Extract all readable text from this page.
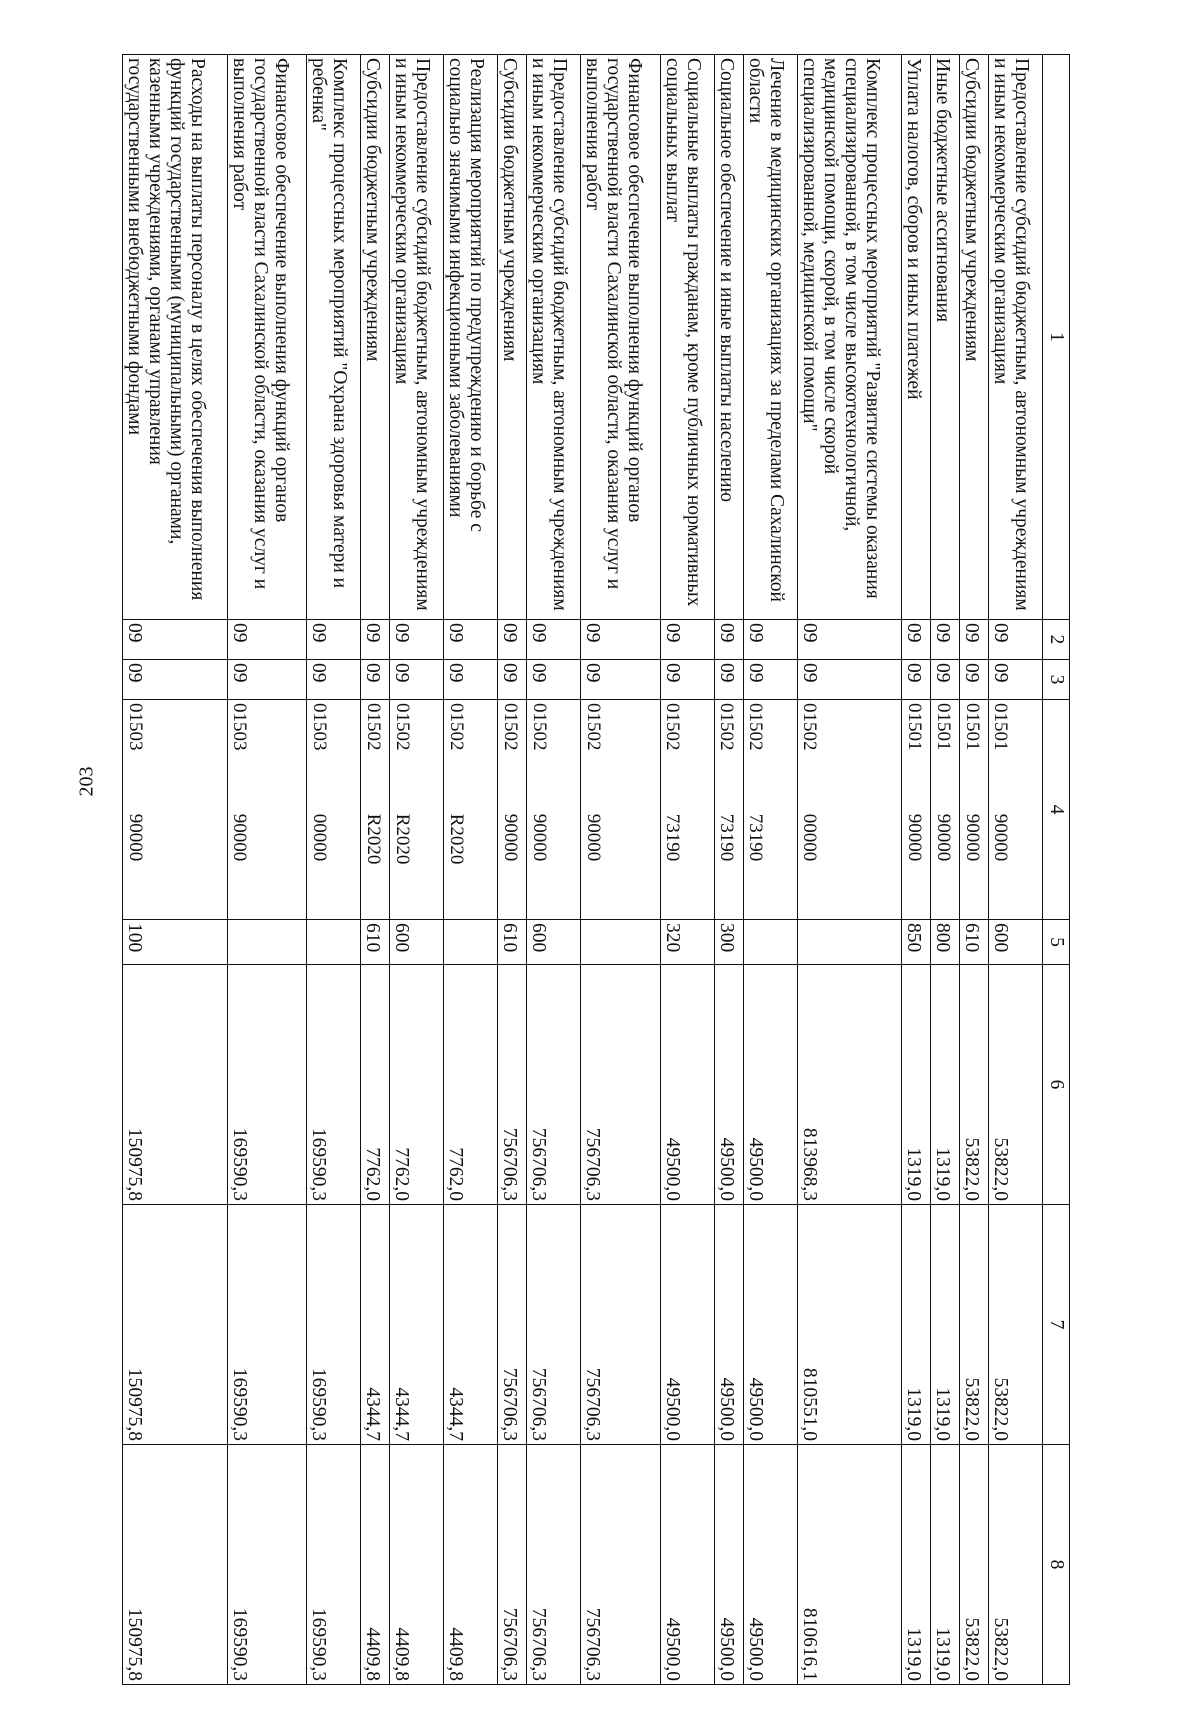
203
1	2	3	4	5	6	7	8
Предоставление субсидий бюджетным, автономным учреждениям и иным некоммерческим организациям	09	09	0150190000	600	53822,0	53822,0	53822,0
Субсидии бюджетным учреждениям	09	09	0150190000	610	53822,0	53822,0	53822,0
Иные бюджетные ассигнования	09	09	0150190000	800	1319,0	1319,0	1319,0
Уплата налогов, сборов и иных платежей	09	09	0150190000	850	1319,0	1319,0	1319,0
Комплекс процессных мероприятий "Развитие системы оказания специализированной, в том числе высокотехнологичной, медицинской помощи, скорой, в том числе скорой специализированной, медицинской помощи"	09	09	0150200000		813968,3	810551,0	810616,1
Лечение в медицинских организациях за пределами Сахалинской области	09	09	0150273190		49500,0	49500,0	49500,0
Социальное обеспечение и иные выплаты населению	09	09	0150273190	300	49500,0	49500,0	49500,0
Социальные выплаты гражданам, кроме публичных нормативных социальных выплат	09	09	0150273190	320	49500,0	49500,0	49500,0
Финансовое обеспечение выполнения функций органов государственной власти Сахалинской области, оказания услуг и выполнения работ	09	09	0150290000		756706,3	756706,3	756706,3
Предоставление субсидий бюджетным, автономным учреждениям и иным некоммерческим организациям	09	09	0150290000	600	756706,3	756706,3	756706,3
Субсидии бюджетным учреждениям	09	09	0150290000	610	756706,3	756706,3	756706,3
Реализация мероприятий по предупреждению и борьбе с социально значимыми инфекционными заболеваниями	09	09	01502R2020		7762,0	4344,7	4409,8
Предоставление субсидий бюджетным, автономным учреждениям и иным некоммерческим организациям	09	09	01502R2020	600	7762,0	4344,7	4409,8
Субсидии бюджетным учреждениям	09	09	01502R2020	610	7762,0	4344,7	4409,8
Комплекс процессных мероприятий "Охрана здоровья матери и ребенка"	09	09	0150300000		169590,3	169590,3	169590,3
Финансовое обеспечение выполнения функций органов государственной власти Сахалинской области, оказания услуг и выполнения работ	09	09	0150390000		169590,3	169590,3	169590,3
Расходы на выплаты персоналу в целях обеспечения выполнения функций государственными (муниципальными) органами, казенными учреждениями, органами управления государственными внебюджетными фондами	09	09	0150390000	100	150975,8	150975,8	150975,8
